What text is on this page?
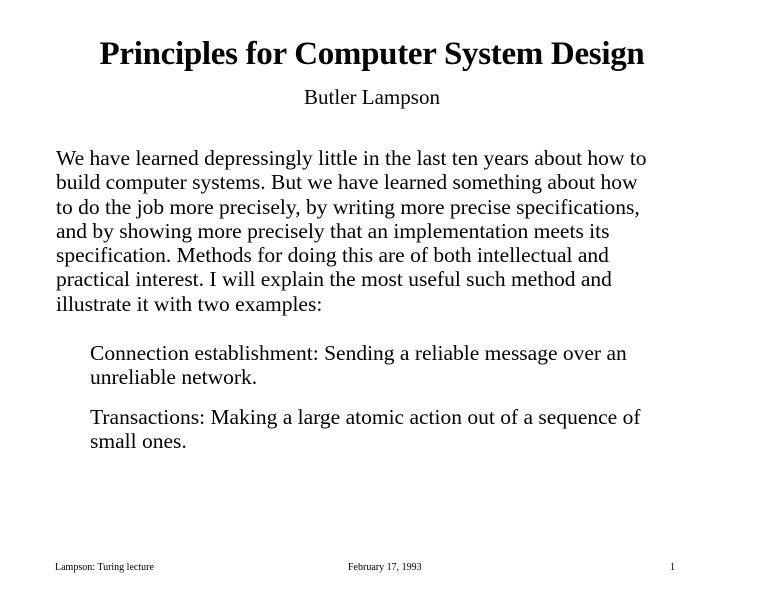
Principles for Computer System Design
Butler Lampson
We have learned depressingly little in the last ten years about how to
build computer systems. But we have learned something about how
to do the job more precisely, by writing more precise specifications,
and by showing more precisely that an implementation meets its
specification. Methods for doing this are of both intellectual and
practical interest. I will explain the most useful such method and
illustrate it with two examples:
Connection establishment: Sending a reliable message over an
unreliable network.
Transactions: Making a large atomic action out of a sequence of
small ones.
Lampson: Turing lecture	February 17, 1993	1
